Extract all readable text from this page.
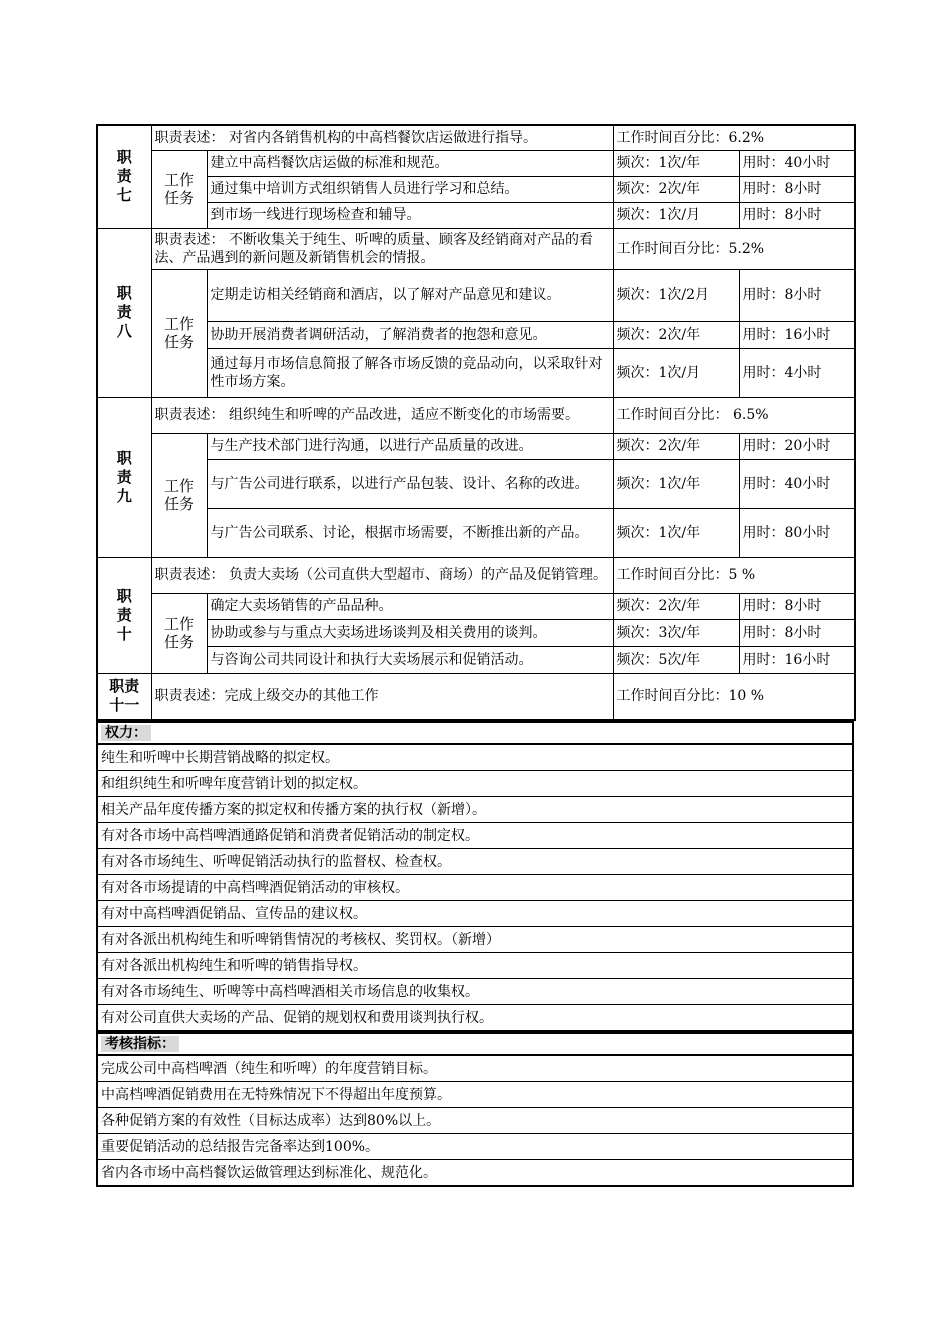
职
责
七	职责表述： 对省内各销售机构的中高档餐饮店运做进行指导。		工作时间百分比：6.2%	

	工作
任务	建立中高档餐饮店运做的标准和规范。	频次：1次/年	用时：40小时
		通过集中培训方式组织销售人员进行学习和总结。	频次：2次/年	用时：8小时
		到市场一线进行现场检查和辅导。	频次：1次/月	用时：8小时

职
责
八	职责表述： 不断收集关于纯生、听啤的质量、顾客及经销商对产品的看法、产品遇到的新问题及新销售机会的情报。		工作时间百分比：5.2%	

	工作
任务	定期走访相关经销商和酒店，以了解对产品意见和建议。	频次：1次/2月	用时：8小时
		协助开展消费者调研活动，了解消费者的抱怨和意见。	频次：2次/年	用时：16小时
		通过每月市场信息简报了解各市场反馈的竞品动向，以采取针对性市场方案。	频次：1次/月	用时：4小时

职
责
九	职责表述： 组织纯生和听啤的产品改进，适应不断变化的市场需要。		工作时间百分比： 6.5%	

	工作
任务	与生产技术部门进行沟通，以进行产品质量的改进。	频次：2次/年	用时：20小时
		与广告公司进行联系，以进行产品包装、设计、名称的改进。	频次：1次/年	用时：40小时
		与广告公司联系、讨论，根据市场需要，不断推出新的产品。	频次：1次/年	用时：80小时

职
责
十	职责表述： 负责大卖场（公司直供大型超市、商场）的产品及促销管理。		工作时间百分比：5 %	

	工作
任务	确定大卖场销售的产品品种。	频次：2次/年	用时：8小时
		协助或参与与重点大卖场进场谈判及相关费用的谈判。	频次：3次/年	用时：8小时
		与咨询公司共同设计和执行大卖场展示和促销活动。	频次：5次/年	用时：16小时

职责
十一	职责表述：完成上级交办的其他工作		工作时间百分比：10 %	
权力：
纯生和听啤中长期营销战略的拟定权。
和组织纯生和听啤年度营销计划的拟定权。
相关产品年度传播方案的拟定权和传播方案的执行权（新增）。
有对各市场中高档啤酒通路促销和消费者促销活动的制定权。
有对各市场纯生、听啤促销活动执行的监督权、检查权。
有对各市场提请的中高档啤酒促销活动的审核权。
有对中高档啤酒促销品、宣传品的建议权。
有对各派出机构纯生和听啤销售情况的考核权、奖罚权。（新增）
有对各派出机构纯生和听啤的销售指导权。
有对各市场纯生、听啤等中高档啤酒相关市场信息的收集权。
有对公司直供大卖场的产品、促销的规划权和费用谈判执行权。
考核指标：
完成公司中高档啤酒（纯生和听啤）的年度营销目标。
中高档啤酒促销费用在无特殊情况下不得超出年度预算。
各种促销方案的有效性（目标达成率）达到80%以上。
重要促销活动的总结报告完备率达到100%。
省内各市场中高档餐饮运做管理达到标准化、规范化。
